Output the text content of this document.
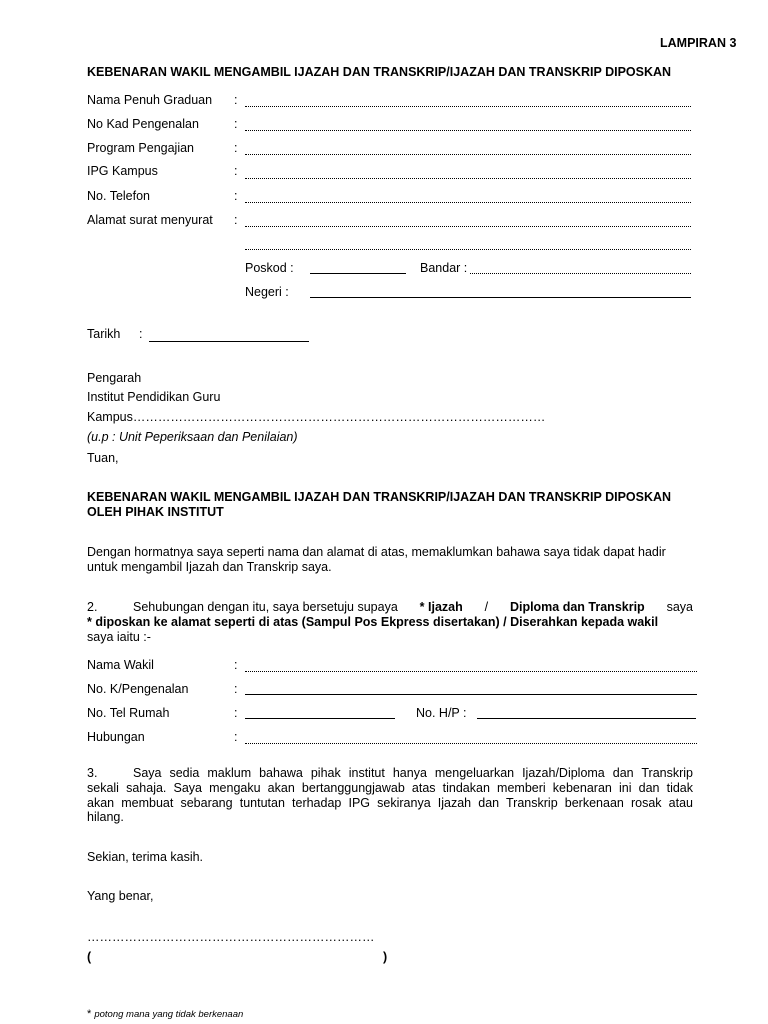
LAMPIRAN 3
KEBENARAN WAKIL MENGAMBIL IJAZAH DAN TRANSKRIP/IJAZAH DAN TRANSKRIP DIPOSKAN
Nama Penuh Graduan :
No Kad Pengenalan	:
Program Pengajian	:
IPG Kampus	:
No. Telefon	:
Alamat surat menyurat :
Poskod :	Bandar :
Negeri :
Tarikh :
Pengarah
Institut Pendidikan Guru
Kampus………………………………………………………………………………………
(u.p : Unit Peperiksaan dan Penilaian)
Tuan,
KEBENARAN WAKIL MENGAMBIL IJAZAH DAN TRANSKRIP/IJAZAH DAN TRANSKRIP DIPOSKAN
OLEH PIHAK INSTITUT
Dengan hormatnya saya seperti nama dan alamat di atas, memaklumkan bahawa saya tidak dapat hadir
untuk mengambil Ijazah dan Transkrip saya.
2.	Sehubungan dengan itu, saya bersetuju supaya * Ijazah / Diploma dan Transkrip saya
* diposkan ke alamat seperti di atas (Sampul Pos Ekpress disertakan) / Diserahkan kepada wakil
saya iaitu :-
Nama Wakil	:
No. K/Pengenalan	:
No. Tel Rumah	:	No. H/P :
Hubungan	:
3.	Saya sedia maklum bahawa pihak institut hanya mengeluarkan Ijazah/Diploma dan Transkrip
sekali sahaja. Saya mengaku akan bertanggungjawab atas tindakan memberi kebenaran ini dan tidak
akan membuat sebarang tuntutan terhadap IPG sekiranya Ijazah dan Transkrip berkenaan rosak atau
hilang.
Sekian, terima kasih.
Yang benar,
……………………………………………………………
(	)
* potong mana yang tidak berkenaan
